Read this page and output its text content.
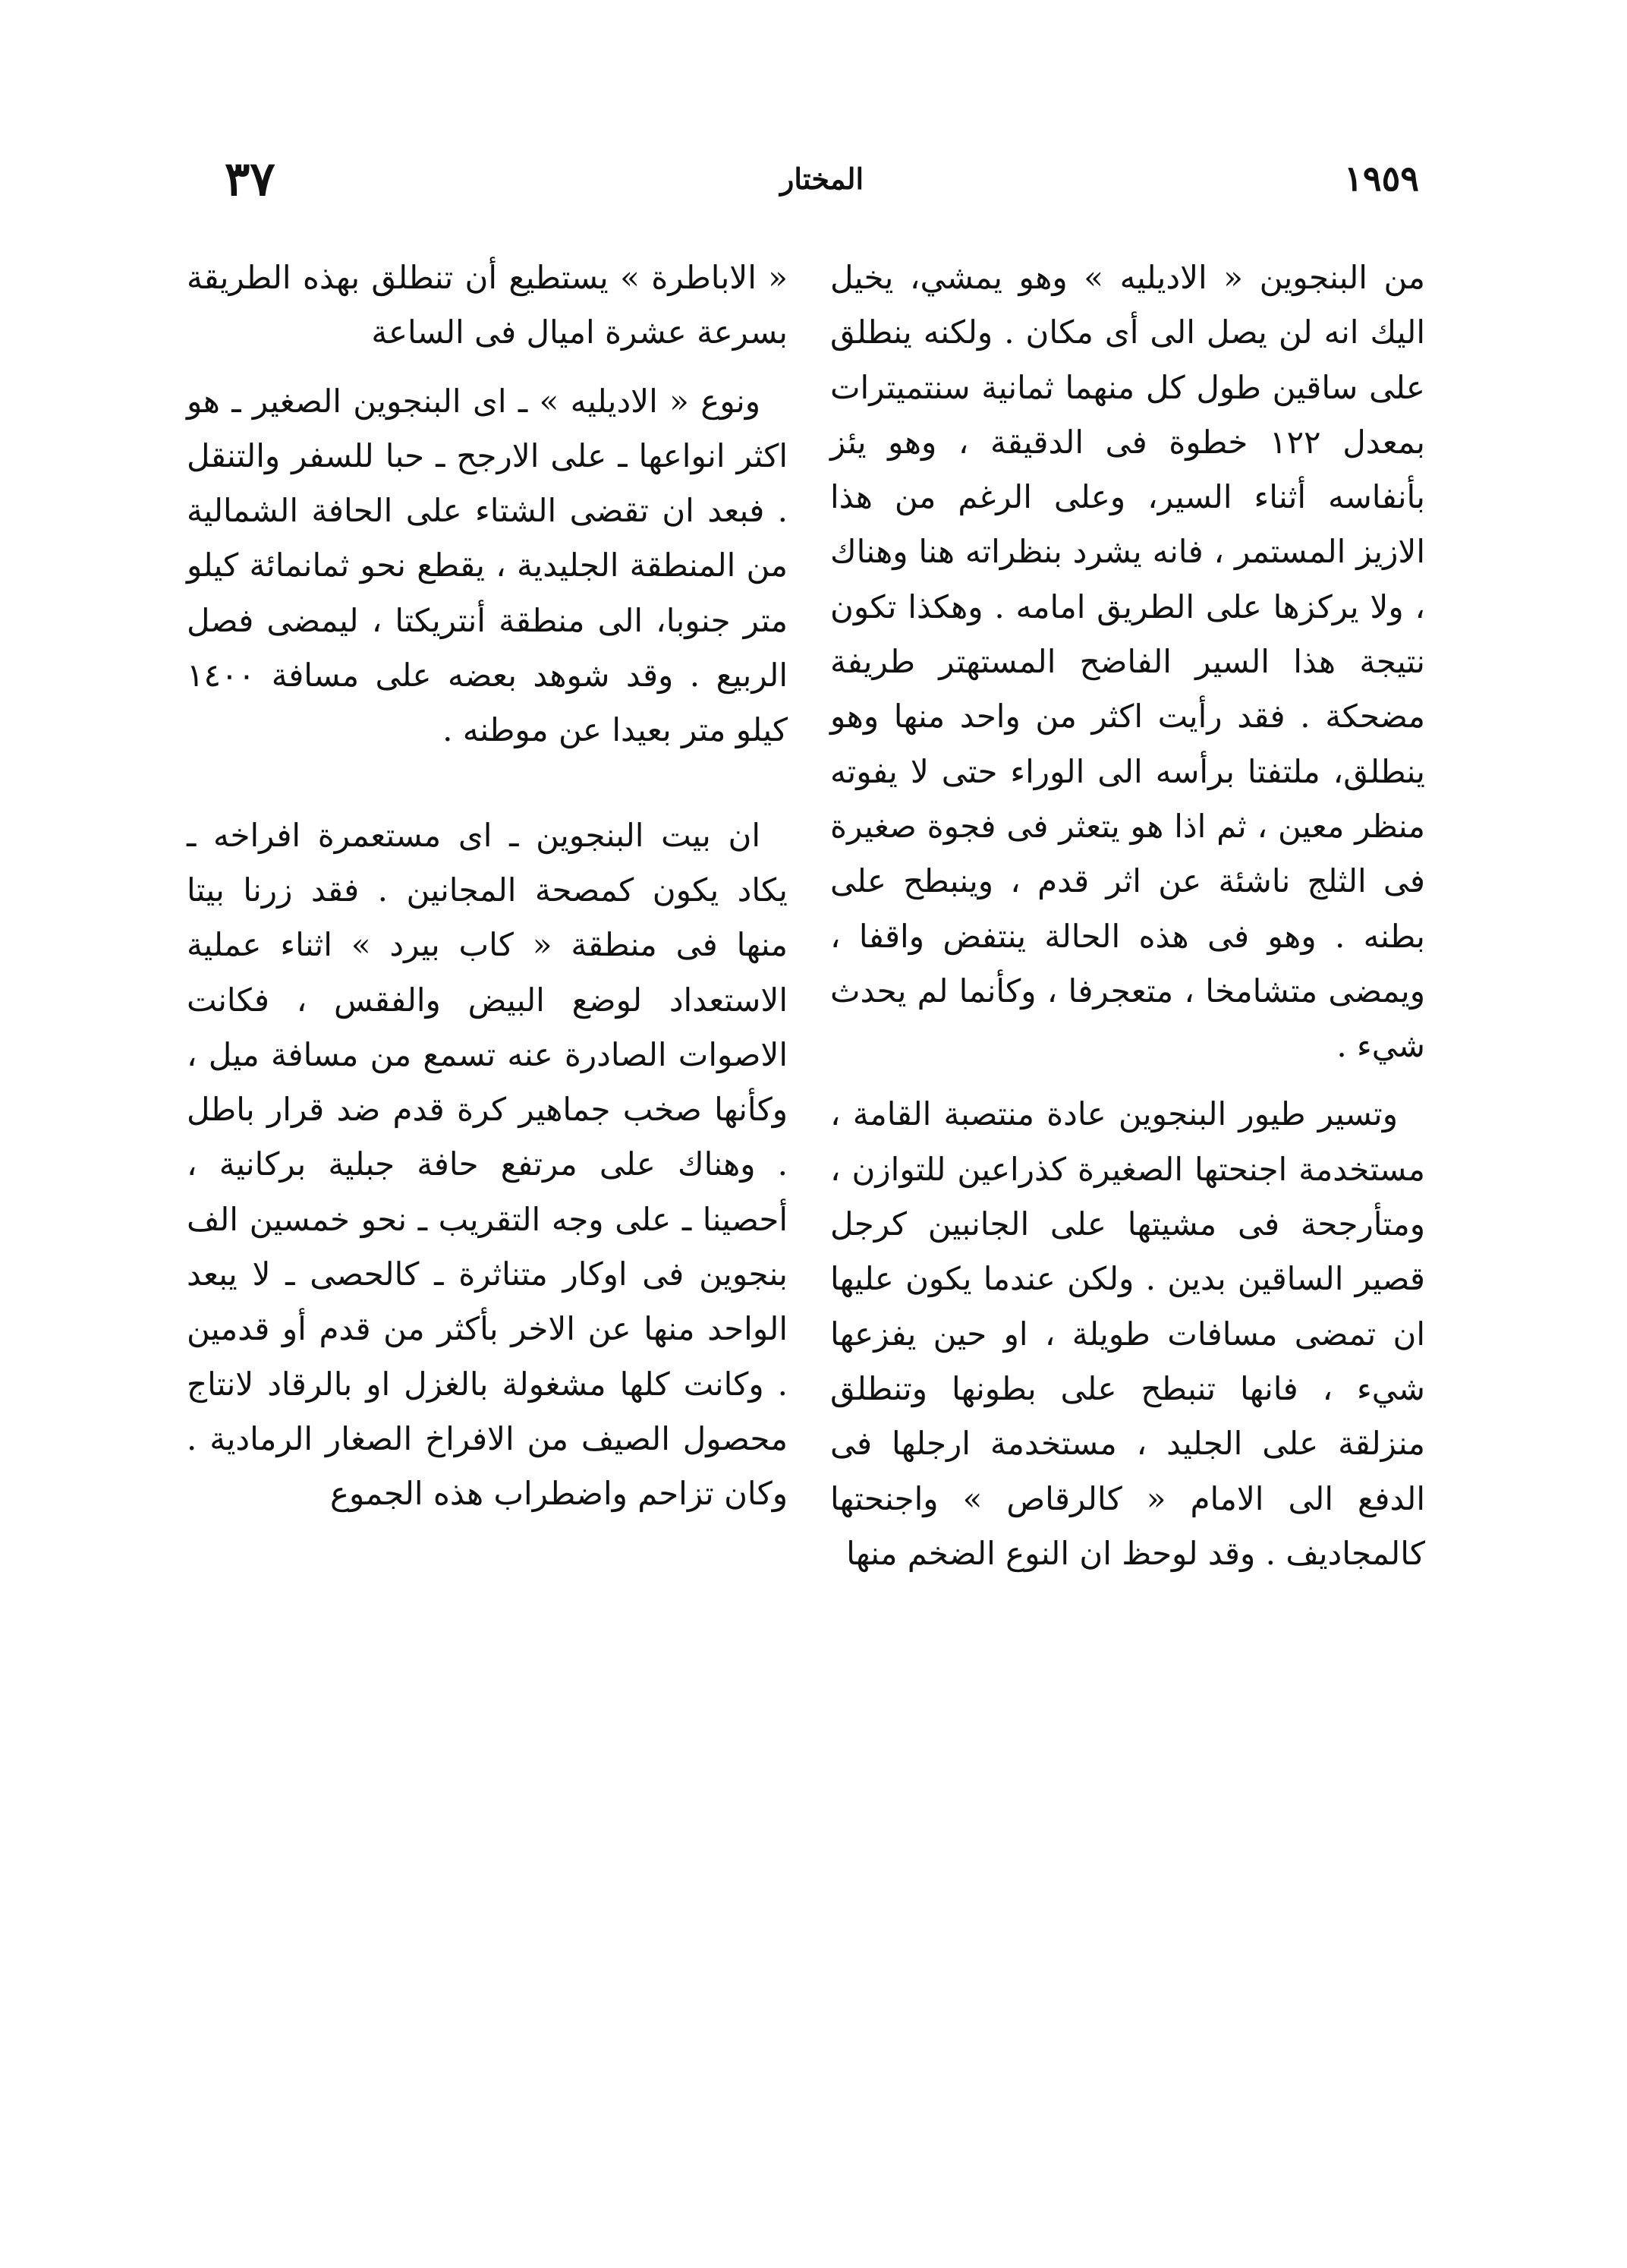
٣٧	المختار	١٩٥٩

من البنجوين « الاديليه » وهو يمشي، يخيل اليك انه لن يصل الى أى مكان . ولكنه ينطلق على ساقين طول كل منهما ثمانية سنتميترات بمعدل ١٢٢ خطوة فى الدقيقة ، وهو يئز بأنفاسه أثناء السير، وعلى الرغم من هذا الازيز المستمر ، فانه يشرد بنظراته هنا وهناك ، ولا يركزها على الطريق امامه . وهكذا تكون نتيجة هذا السير الفاضح المستهتر طريفة مضحكة . فقد رأيت اكثر من واحد منها وهو ينطلق، ملتفتا برأسه الى الوراء حتى لا يفوته منظر معين ، ثم اذا هو يتعثر فى فجوة صغيرة فى الثلج ناشئة عن اثر قدم ، وينبطح على بطنه . وهو فى هذه الحالة ينتفض واقفا ، ويمضى متشامخا ، متعجرفا ، وكأنما لم يحدث شيء .

وتسير طيور البنجوين عادة منتصبة القامة ، مستخدمة اجنحتها الصغيرة كذراعين للتوازن ، ومتأرجحة فى مشيتها على الجانبين كرجل قصير الساقين بدين . ولكن عندما يكون عليها ان تمضى مسافات طويلة ، او حين يفزعها شيء ، فانها تنبطح على بطونها وتنطلق منزلقة على الجليد ، مستخدمة ارجلها فى الدفع الى الامام « كالرقاص » واجنحتها كالمجاديف . وقد لوحظ ان النوع الضخم منها

« الاباطرة » يستطيع أن تنطلق بهذه الطريقة بسرعة عشرة اميال فى الساعة

ونوع « الاديليه » ـ اى البنجوين الصغير ـ هو اكثر انواعها ـ على الارجح ـ حبا للسفر والتنقل . فبعد ان تقضى الشتاء على الحافة الشمالية من المنطقة الجليدية ، يقطع نحو ثمانمائة كيلو متر جنوبا، الى منطقة أنتريكتا ، ليمضى فصل الربيع . وقد شوهد بعضه على مسافة ١٤٠٠ كيلو متر بعيدا عن موطنه .

ان بيت البنجوين ـ اى مستعمرة افراخه ـ يكاد يكون كمصحة المجانين . فقد زرنا بيتا منها فى منطقة « كاب بيرد » اثناء عملية الاستعداد لوضع البيض والفقس ، فكانت الاصوات الصادرة عنه تسمع من مسافة ميل ، وكأنها صخب جماهير كرة قدم ضد قرار باطل . وهناك على مرتفع حافة جبلية بركانية ، أحصينا ـ على وجه التقريب ـ نحو خمسين الف بنجوين فى اوكار متناثرة ـ كالحصى ـ لا يبعد الواحد منها عن الاخر بأكثر من قدم أو قدمين . وكانت كلها مشغولة بالغزل او بالرقاد لانتاج محصول الصيف من الافراخ الصغار الرمادية . وكان تزاحم واضطراب هذه الجموع
